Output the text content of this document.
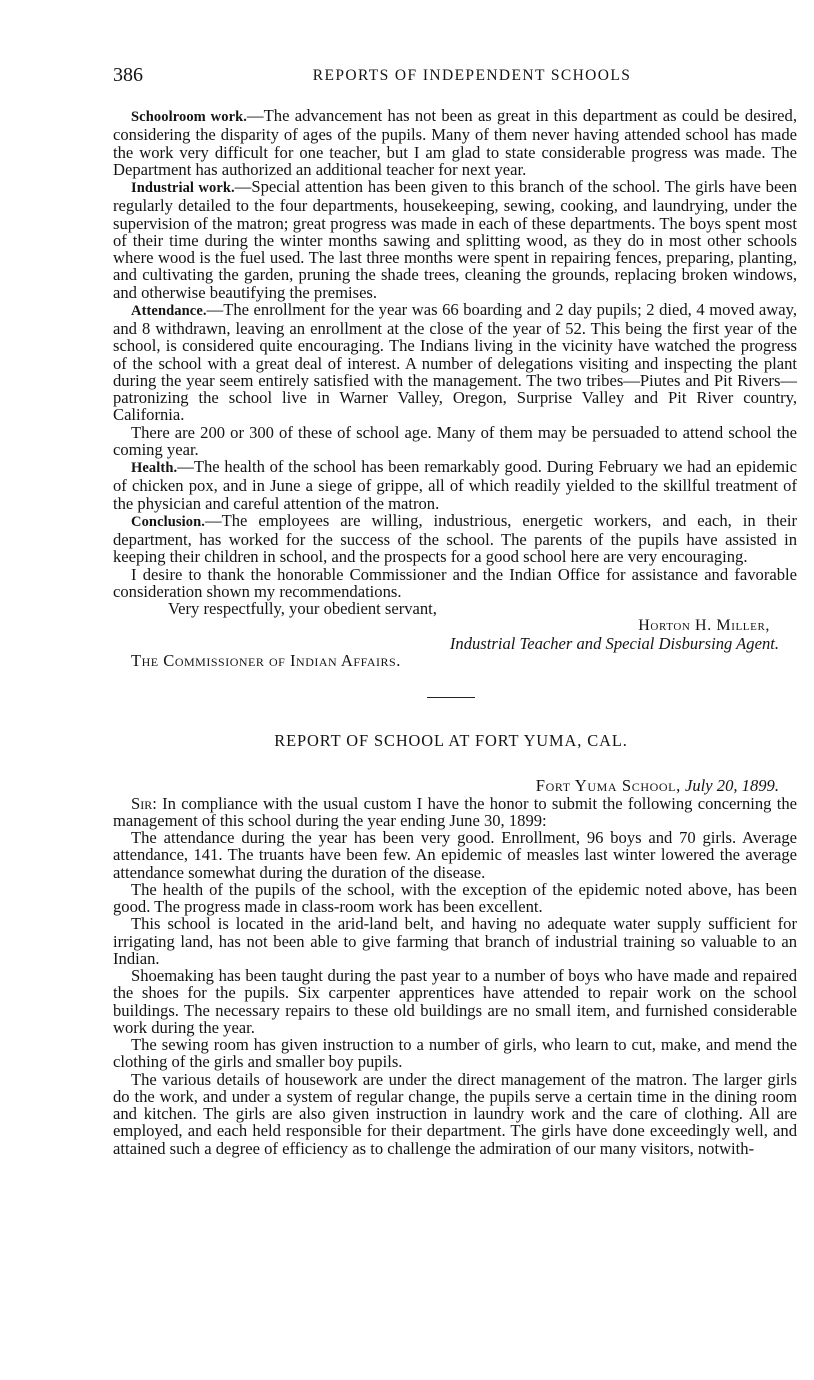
386	REPORTS OF INDEPENDENT SCHOOLS

Schoolroom work.—The advancement has not been as great in this department as could be desired, considering the disparity of ages of the pupils. Many of them never having attended school has made the work very difficult for one teacher, but I am glad to state considerable progress was made. The Department has authorized an additional teacher for next year.

Industrial work.—Special attention has been given to this branch of the school. The girls have been regularly detailed to the four departments, housekeeping, sewing, cooking, and laundrying, under the supervision of the matron; great progress was made in each of these departments. The boys spent most of their time during the winter months sawing and splitting wood, as they do in most other schools where wood is the fuel used. The last three months were spent in repairing fences, preparing, planting, and cultivating the garden, pruning the shade trees, cleaning the grounds, replacing broken windows, and otherwise beautifying the premises.

Attendance.—The enrollment for the year was 66 boarding and 2 day pupils; 2 died, 4 moved away, and 8 withdrawn, leaving an enrollment at the close of the year of 52. This being the first year of the school, is considered quite encouraging. The Indians living in the vicinity have watched the progress of the school with a great deal of interest. A number of delegations visiting and inspecting the plant during the year seem entirely satisfied with the management. The two tribes—Piutes and Pit Rivers—patronizing the school live in Warner Valley, Oregon, Surprise Valley and Pit River country, California.

There are 200 or 300 of these of school age. Many of them may be persuaded to attend school the coming year.

Health.—The health of the school has been remarkably good. During February we had an epidemic of chicken pox, and in June a siege of grippe, all of which readily yielded to the skillful treatment of the physician and careful attention of the matron.

Conclusion.—The employees are willing, industrious, energetic workers, and each, in their department, has worked for the success of the school. The parents of the pupils have assisted in keeping their children in school, and the prospects for a good school here are very encouraging.

I desire to thank the honorable Commissioner and the Indian Office for assistance and favorable consideration shown my recommendations.

Very respectfully, your obedient servant,

Horton H. Miller,

Industrial Teacher and Special Disbursing Agent.

The Commissioner of Indian Affairs.

REPORT OF SCHOOL AT FORT YUMA, CAL.

Fort Yuma School, July 20, 1899.

Sir: In compliance with the usual custom I have the honor to submit the following concerning the management of this school during the year ending June 30, 1899:

The attendance during the year has been very good. Enrollment, 96 boys and 70 girls. Average attendance, 141. The truants have been few. An epidemic of measles last winter lowered the average attendance somewhat during the duration of the disease.

The health of the pupils of the school, with the exception of the epidemic noted above, has been good. The progress made in class-room work has been excellent.

This school is located in the arid-land belt, and having no adequate water supply sufficient for irrigating land, has not been able to give farming that branch of industrial training so valuable to an Indian.

Shoemaking has been taught during the past year to a number of boys who have made and repaired the shoes for the pupils. Six carpenter apprentices have attended to repair work on the school buildings. The necessary repairs to these old buildings are no small item, and furnished considerable work during the year.

The sewing room has given instruction to a number of girls, who learn to cut, make, and mend the clothing of the girls and smaller boy pupils.

The various details of housework are under the direct management of the matron. The larger girls do the work, and under a system of regular change, the pupils serve a certain time in the dining room and kitchen. The girls are also given instruction in laundry work and the care of clothing. All are employed, and each held responsible for their department. The girls have done exceedingly well, and attained such a degree of efficiency as to challenge the admiration of our many visitors, notwith-
